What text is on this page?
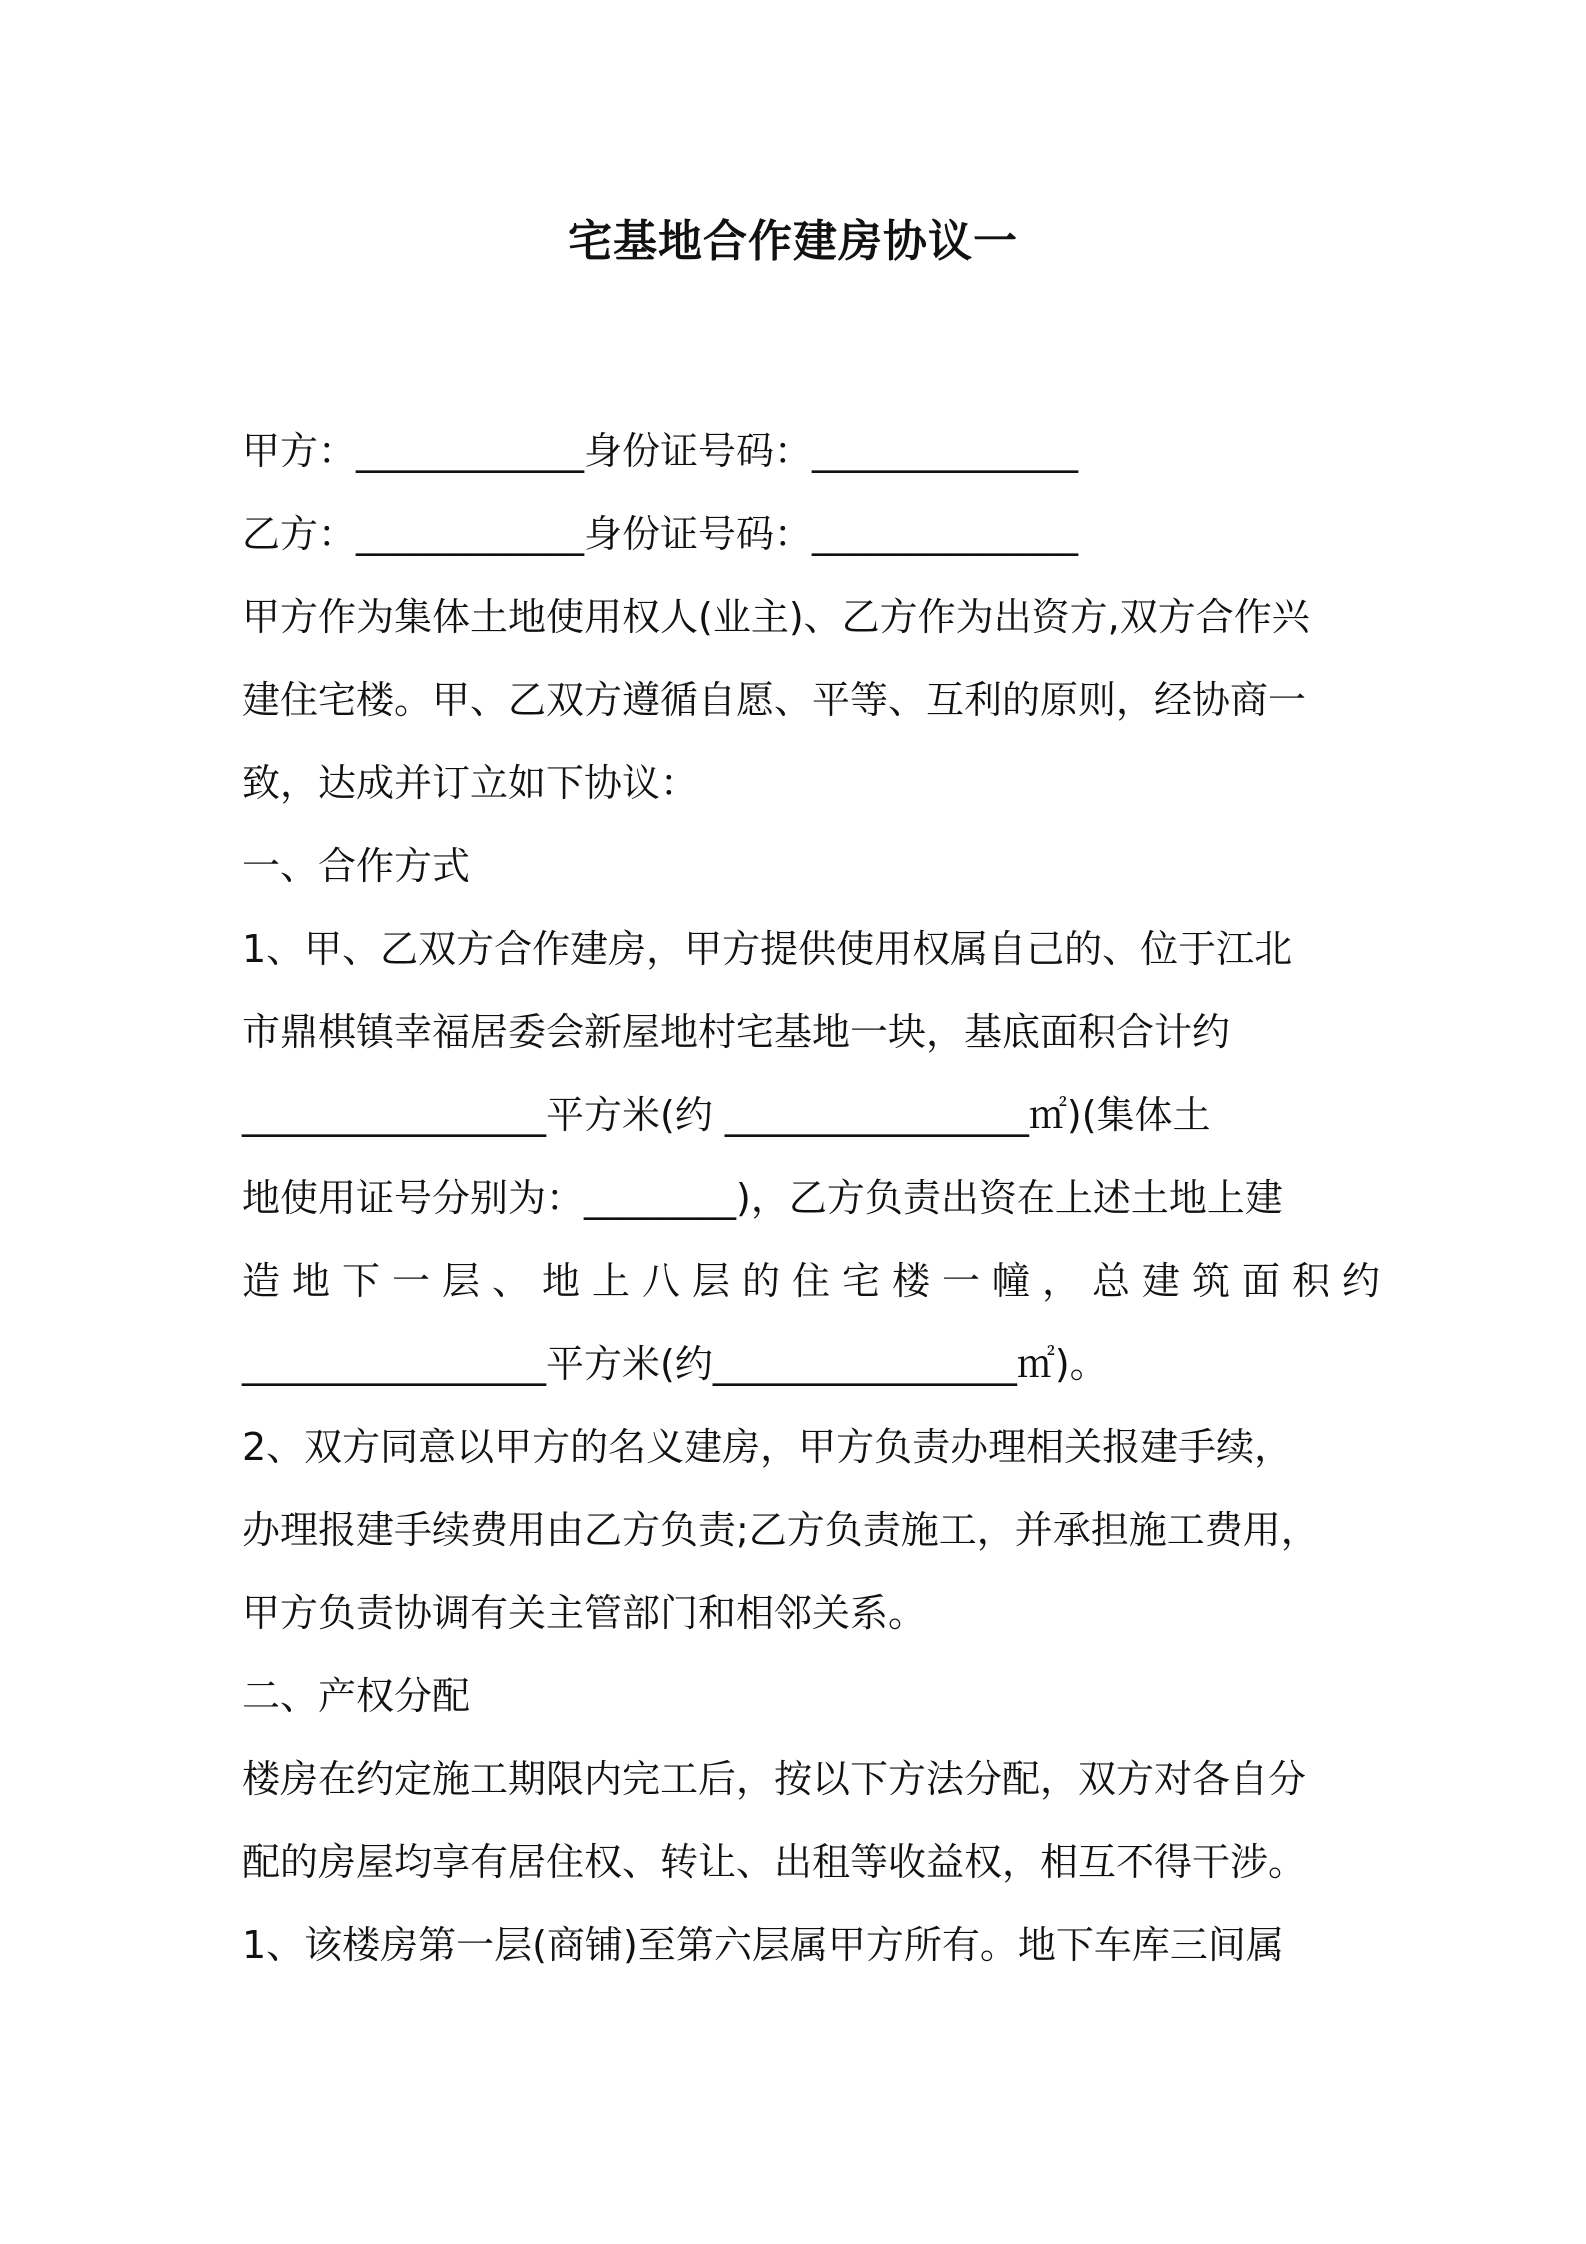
宅基地合作建房协议一

甲方：____________身份证号码：______________

乙方：____________身份证号码：______________

甲方作为集体土地使用权人(业主)、乙方作为出资方,双方合作兴

建住宅楼。甲、乙双方遵循自愿、平等、互利的原则，经协商一

致，达成并订立如下协议：

一、合作方式

1、甲、乙双方合作建房，甲方提供使用权属自己的、位于江北

市鼎棋镇幸福居委会新屋地村宅基地一块，基底面积合计约

________________平方米(约 ________________㎡)(集体土

地使用证号分别为：________)，乙方负责出资在上述土地上建

造地下一层、地上八层的住宅楼一幢，总建筑面积约

________________平方米(约________________㎡)。

2、双方同意以甲方的名义建房，甲方负责办理相关报建手续，

办理报建手续费用由乙方负责;乙方负责施工，并承担施工费用，

甲方负责协调有关主管部门和相邻关系。

二、产权分配

楼房在约定施工期限内完工后，按以下方法分配，双方对各自分

配的房屋均享有居住权、转让、出租等收益权，相互不得干涉。

1、该楼房第一层(商铺)至第六层属甲方所有。地下车库三间属
